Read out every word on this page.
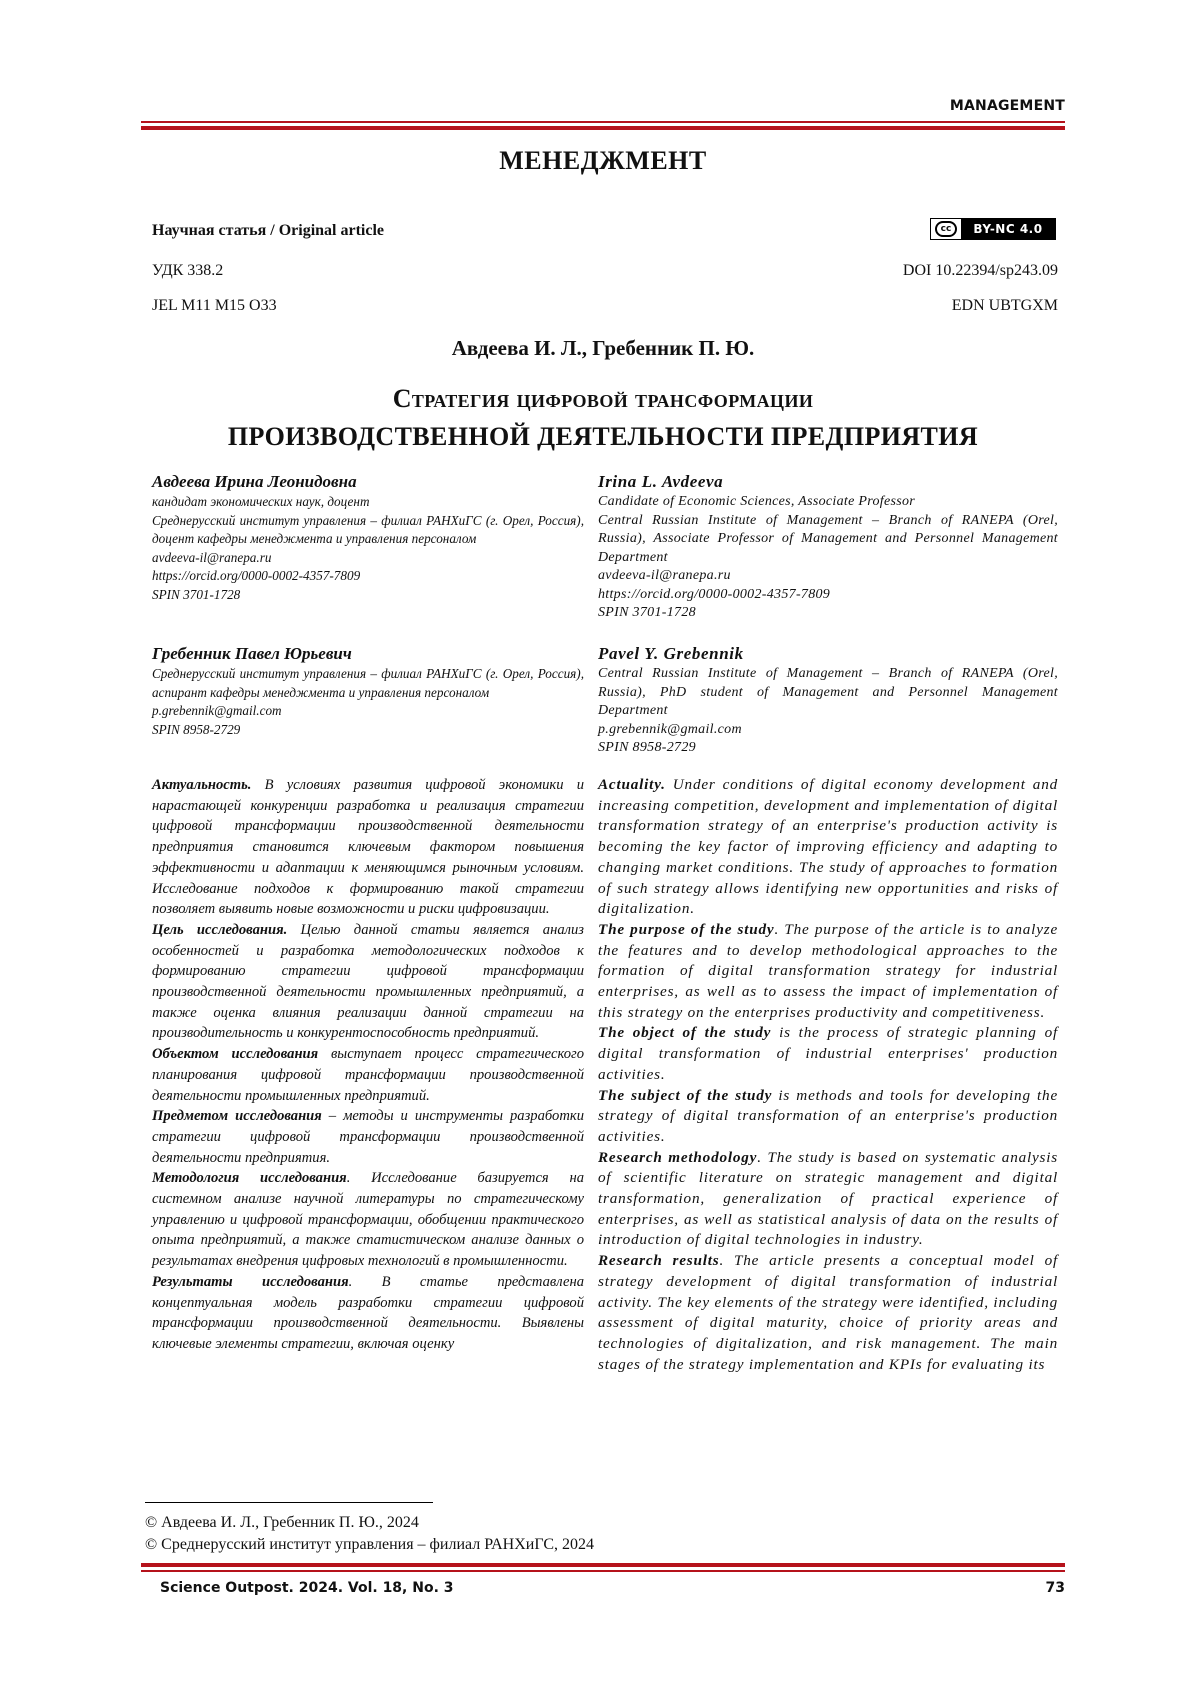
MANAGEMENT
МЕНЕДЖМЕНТ
Научная статья / Original article	cc	BY-NC 4.0
УДК 338.2	DOI 10.22394/sp243.09
JEL M11 M15 O33	EDN UBTGXM
Авдеева И. Л., Гребенник П. Ю.
Стратегия цифровой трансформации
ПРОИЗВОДСТВЕННОЙ ДЕЯТЕЛЬНОСТИ ПРЕДПРИЯТИЯ
Авдеева Ирина Леонидовна
кандидат экономических наук, доцент
Среднерусский институт управления – филиал РАНХиГС (г. Орел, Россия), доцент кафедры менеджмента и управления персоналом
avdeeva-il@ranepa.ru
https://orcid.org/0000-0002-4357-7809
SPIN 3701-1728
Гребенник Павел Юрьевич
Среднерусский институт управления – филиал РАНХиГС (г. Орел, Россия), аспирант кафедры менеджмента и управления персоналом
p.grebennik@gmail.com
SPIN 8958-2729
Irina L. Avdeeva
Candidate of Economic Sciences, Associate Professor
Central Russian Institute of Management – Branch of RANEPA (Orel, Russia), Associate Professor of Management and Personnel Management Department
avdeeva-il@ranepa.ru
https://orcid.org/0000-0002-4357-7809
SPIN 3701-1728
Pavel Y. Grebennik
Central Russian Institute of Management – Branch of RANEPA (Orel, Russia), PhD student of Management and Personnel Management Department
p.grebennik@gmail.com
SPIN 8958-2729

Актуальность. В условиях развития цифровой экономики и нарастающей конкуренции разработка и реализация стратегии цифровой трансформации производственной деятельности предприятия становится ключевым фактором повышения эффективности и адаптации к меняющимся рыночным условиям. Исследование подходов к формированию такой стратегии позволяет выявить новые возможности и риски цифровизации.

Цель исследования. Целью данной статьи является анализ особенностей и разработка методологических подходов к формированию стратегии цифровой трансформации производственной деятельности промышленных предприятий, а также оценка влияния реализации данной стратегии на производительность и конкурентоспособность предприятий.

Объектом исследования выступает процесс стратегического планирования цифровой трансформации производственной деятельности промышленных предприятий.

Предметом исследования – методы и инструменты разработки стратегии цифровой трансформации производственной деятельности предприятия.

Методология исследования. Исследование базируется на системном анализе научной литературы по стратегическому управлению и цифровой трансформации, обобщении практического опыта предприятий, а также статистическом анализе данных о результатах внедрения цифровых технологий в промышленности.

Результаты исследования. В статье представлена концептуальная модель разработки стратегии цифровой трансформации производственной деятельности. Выявлены ключевые элементы стратегии, включая оценку

Actuality. Under conditions of digital economy development and increasing competition, development and implementation of digital transformation strategy of an enterprise's production activity is becoming the key factor of improving efficiency and adapting to changing market conditions. The study of approaches to formation of such strategy allows identifying new opportunities and risks of digitalization.

The purpose of the study. The purpose of the article is to analyze the features and to develop methodological approaches to the formation of digital transformation strategy for industrial enterprises, as well as to assess the impact of implementation of this strategy on the enterprises productivity and competitiveness.

The object of the study is the process of strategic planning of digital transformation of industrial enterprises' production activities.

The subject of the study is methods and tools for developing the strategy of digital transformation of an enterprise's production activities.

Research methodology. The study is based on systematic analysis of scientific literature on strategic management and digital transformation, generalization of practical experience of enterprises, as well as statistical analysis of data on the results of introduction of digital technologies in industry.

Research results. The article presents a conceptual model of strategy development of digital transformation of industrial activity. The key elements of the strategy were identified, including assessment of digital maturity, choice of priority areas and technologies of digitalization, and risk management. The main stages of the strategy implementation and KPIs for evaluating its

© Авдеева И. Л., Гребенник П. Ю., 2024
© Среднерусский институт управления – филиал РАНХиГС, 2024
Science Outpost. 2024. Vol. 18, No. 3	73
